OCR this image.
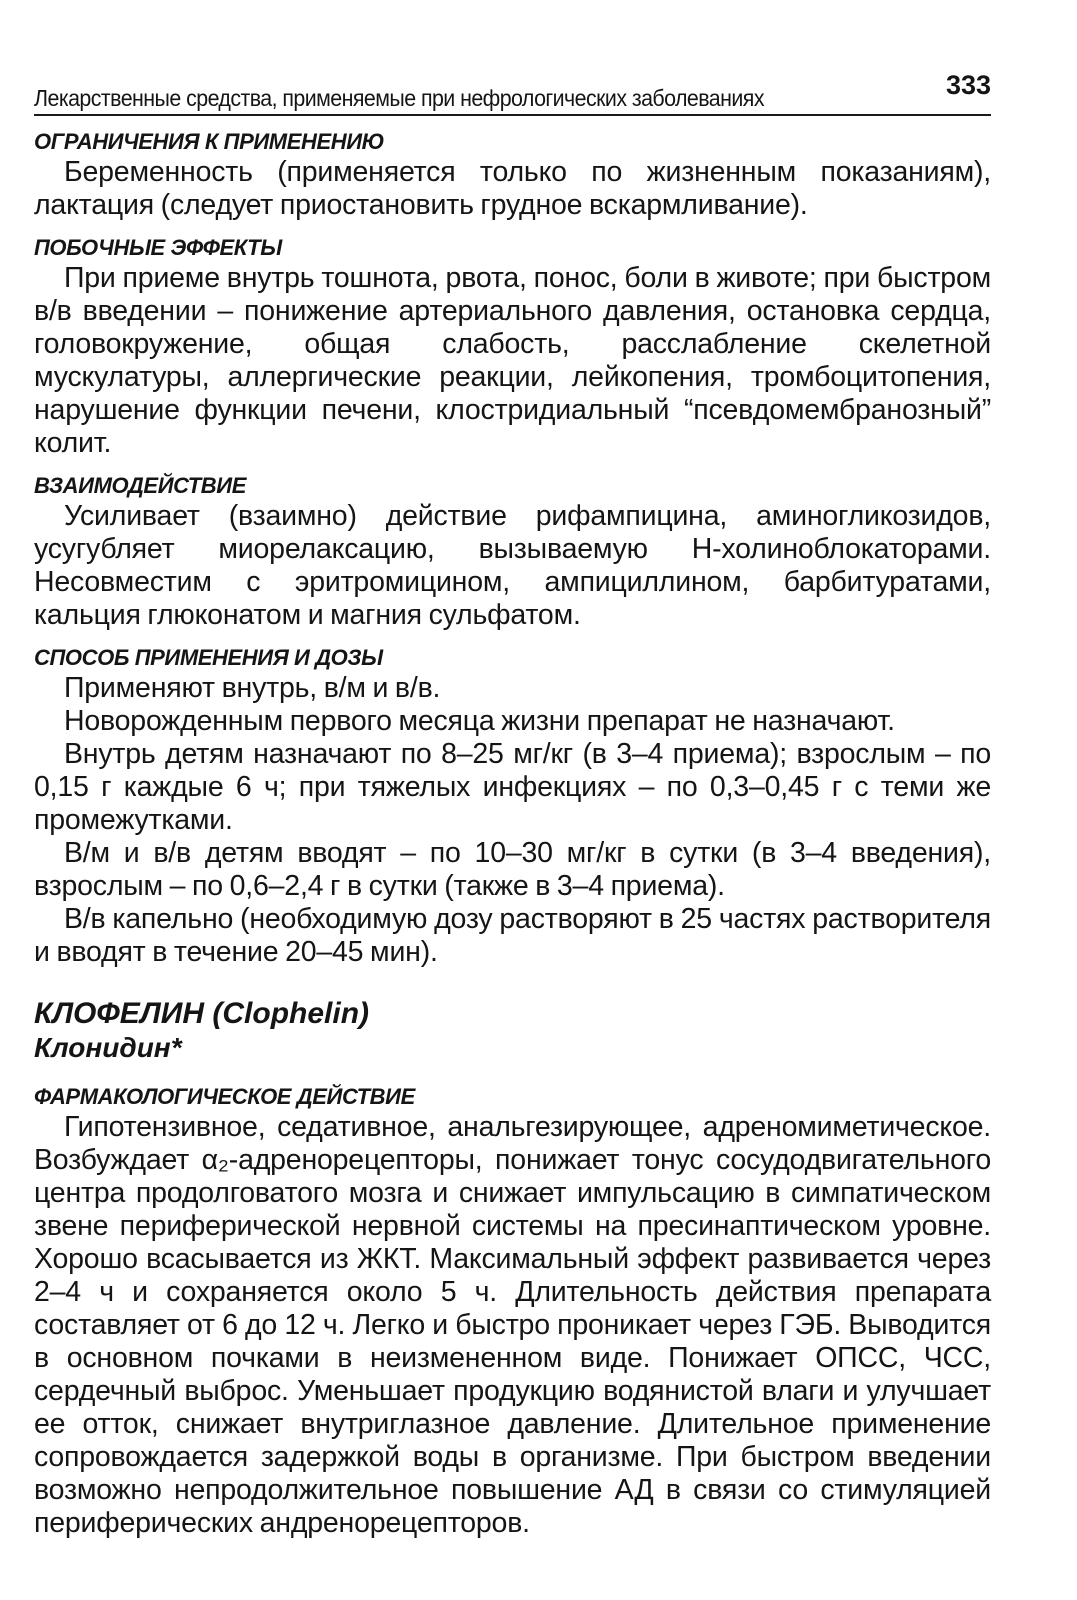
Лекарственные средства, применяемые при нефрологических заболеваниях	333
ОГРАНИЧЕНИЯ К ПРИМЕНЕНИЮ

Беременность (применяется только по жизненным показаниям), лактация (следует приостановить грудное вскармливание).

ПОБОЧНЫЕ ЭФФЕКТЫ

При приеме внутрь тошнота, рвота, понос, боли в животе; при быстром в/в введении – понижение артериального давления, остановка сердца, головокружение, общая слабость, расслабление скелетной мускулатуры, аллергические реакции, лейкопения, тромбоцитопения, нарушение функции печени, клостридиальный “псевдомембранозный” колит.

ВЗАИМОДЕЙСТВИЕ

Усиливает (взаимно) действие рифампицина, аминогликозидов, усугубляет миорелаксацию, вызываемую Н-холиноблокаторами. Несовместим с эритромицином, ампициллином, барбитуратами, кальция глюконатом и магния сульфатом.

СПОСОБ ПРИМЕНЕНИЯ И ДОЗЫ

Применяют внутрь, в/м и в/в.

Новорожденным первого месяца жизни препарат не назначают.

Внутрь детям назначают по 8–25 мг/кг (в 3–4 приема); взрослым – по 0,15 г каждые 6 ч; при тяжелых инфекциях – по 0,3–0,45 г с теми же промежутками.

В/м и в/в детям вводят – по 10–30 мг/кг в сутки (в 3–4 введения), взрослым – по 0,6–2,4 г в сутки (также в 3–4 приема).

В/в капельно (необходимую дозу растворяют в 25 частях растворителя и вводят в течение 20–45 мин).

КЛОФЕЛИН (Clophelin)
Клонидин*
ФАРМАКОЛОГИЧЕСКОЕ ДЕЙСТВИЕ

Гипотензивное, седативное, анальгезирующее, адреномиметическое. Возбуждает α₂-адренорецепторы, понижает тонус сосудодвигательного центра продолговатого мозга и снижает импульсацию в симпатическом звене периферической нервной системы на пресинаптическом уровне. Хорошо всасывается из ЖКТ. Максимальный эффект развивается через 2–4 ч и сохраняется около 5 ч. Длительность действия препарата составляет от 6 до 12 ч. Легко и быстро проникает через ГЭБ. Выводится в основном почками в неизмененном виде. Понижает ОПСС, ЧСС, сердечный выброс. Уменьшает продукцию водянистой влаги и улучшает ее отток, снижает внутриглазное давление. Длительное применение сопровождается задержкой воды в организме. При быстром введении возможно непродолжительное повышение АД в связи со стимуляцией периферических андренорецепторов.
